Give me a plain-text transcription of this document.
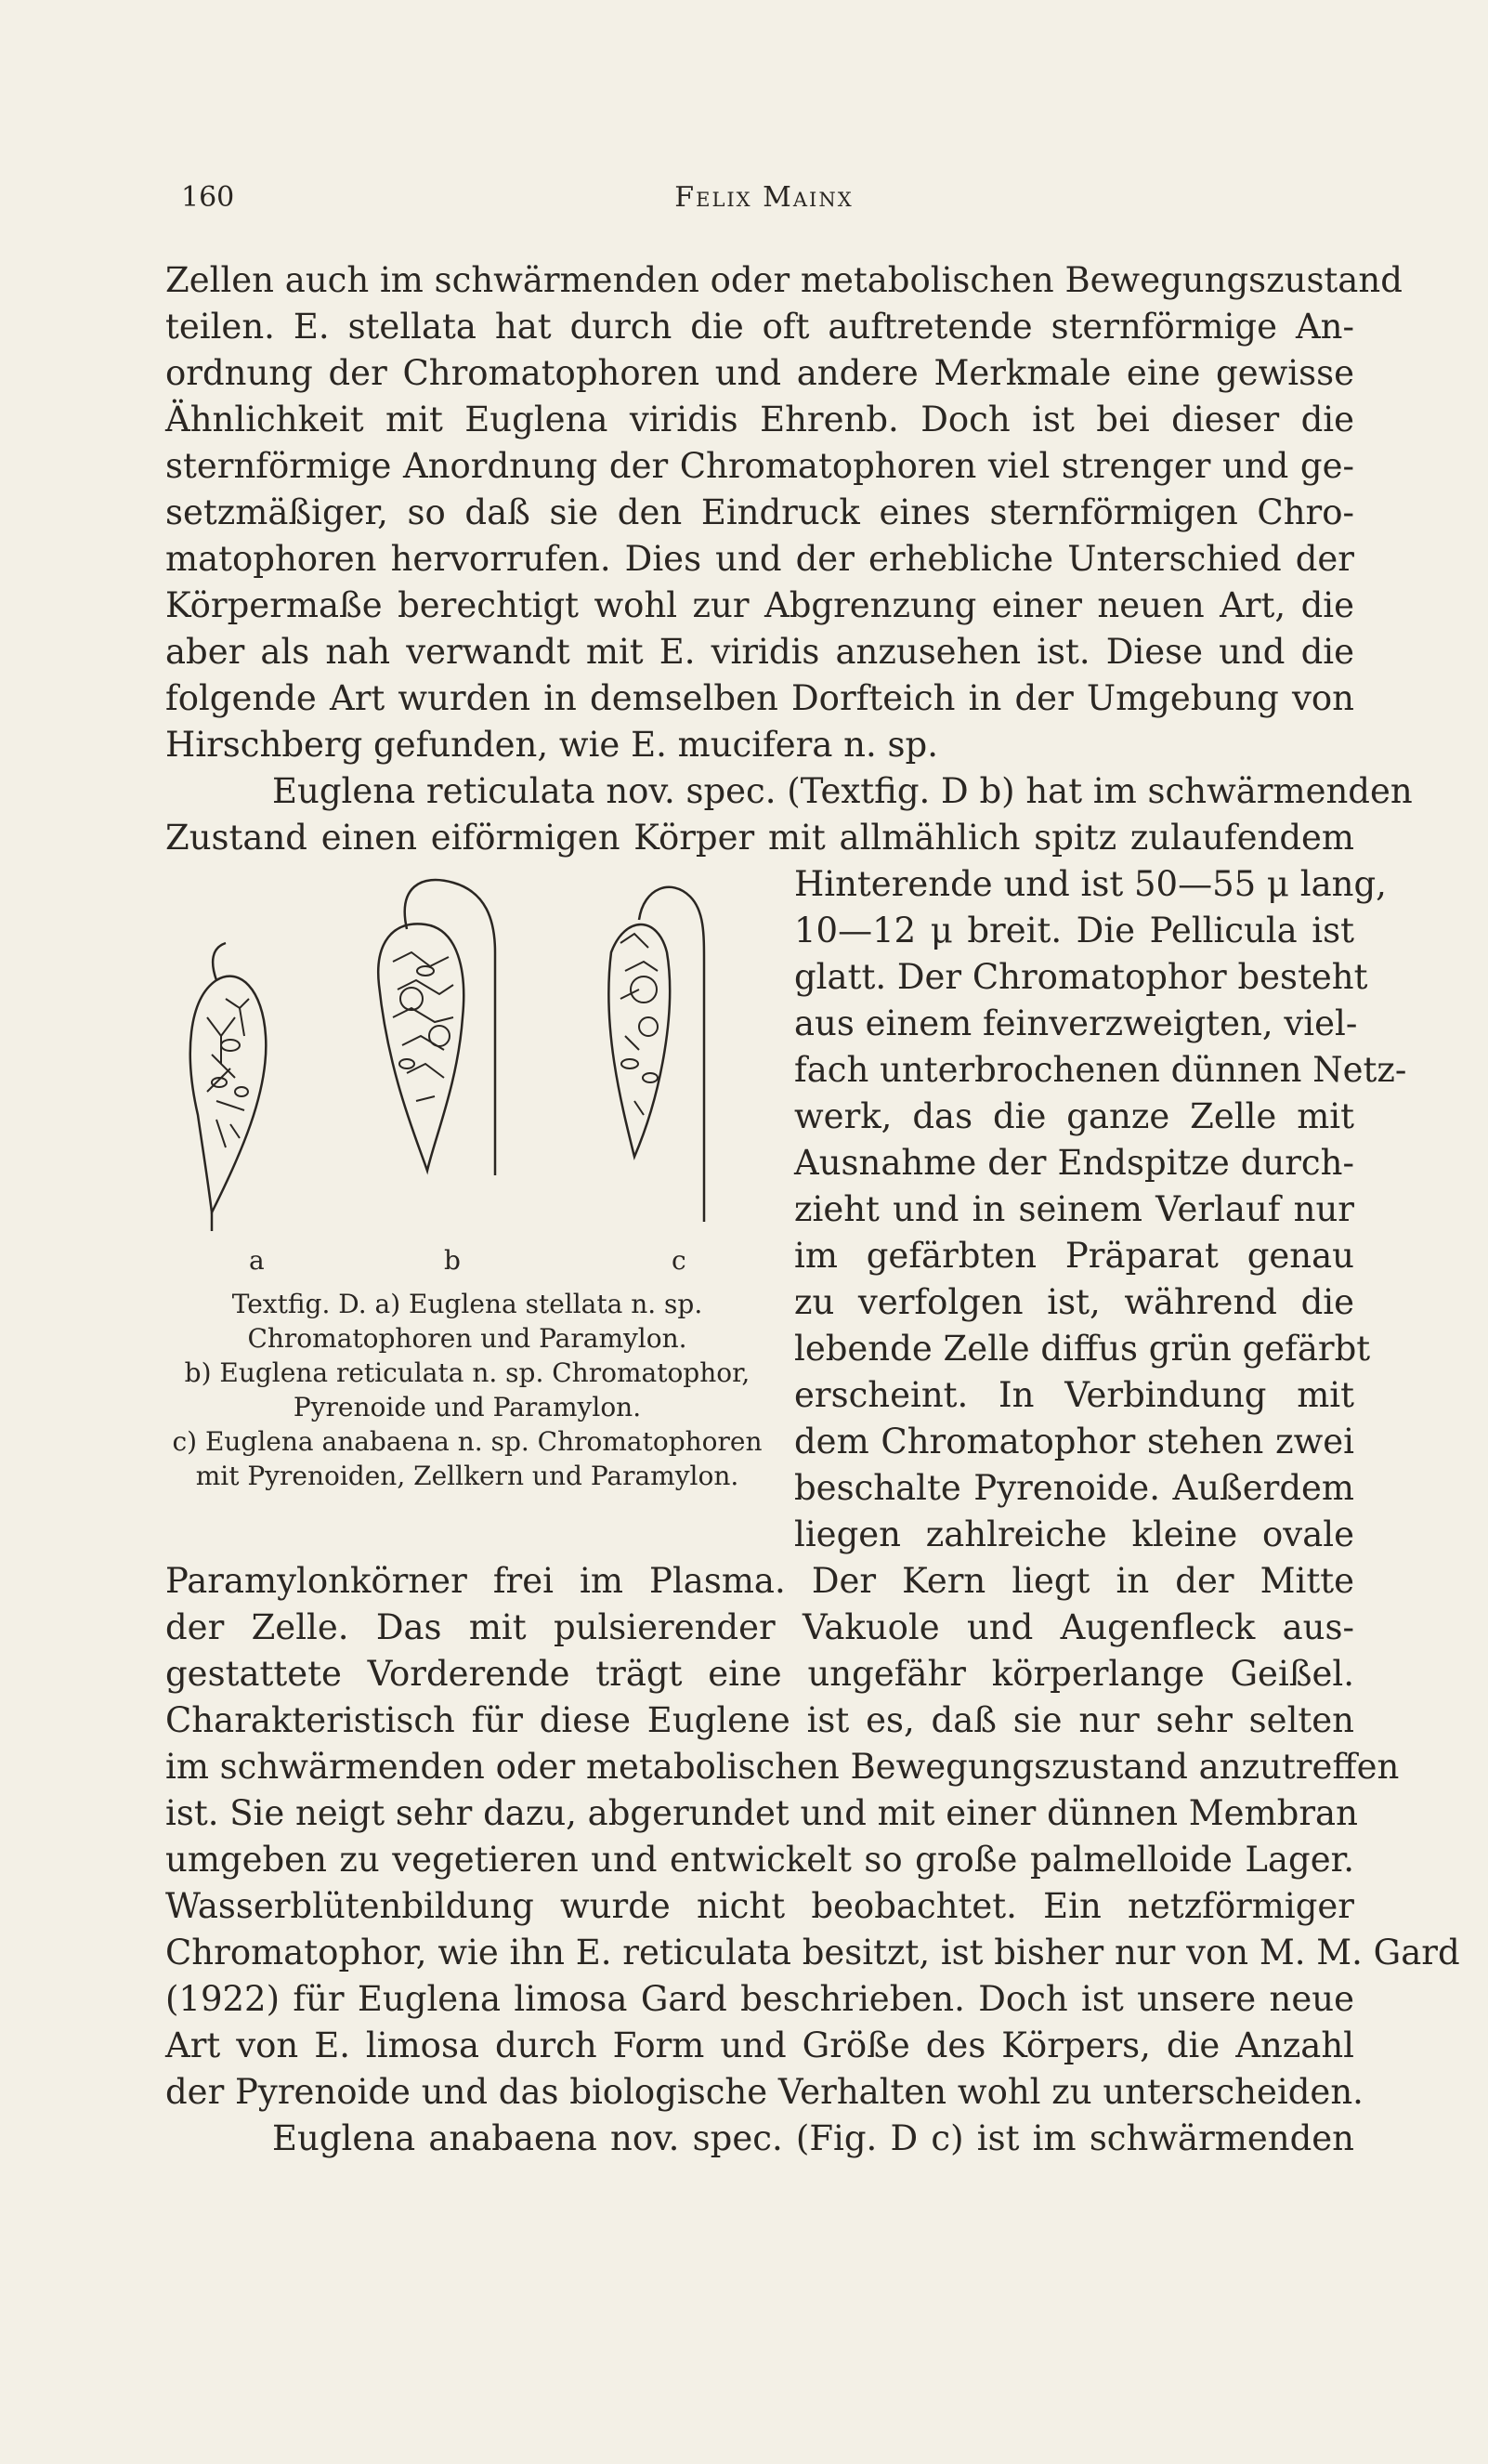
160	Felix Mainx
Zellen auch im schwärmenden oder metabolischen Bewegungszustand
teilen. E. stellata hat durch die oft auftretende sternförmige An-
ordnung der Chromatophoren und andere Merkmale eine gewisse
Ähnlichkeit mit Euglena viridis Ehrenb. Doch ist bei dieser die
sternförmige Anordnung der Chromatophoren viel strenger und ge-
setzmäßiger, so daß sie den Eindruck eines sternförmigen Chro-
matophoren hervorrufen. Dies und der erhebliche Unterschied der
Körpermaße berechtigt wohl zur Abgrenzung einer neuen Art, die
aber als nah verwandt mit E. viridis anzusehen ist. Diese und die
folgende Art wurden in demselben Dorfteich in der Umgebung von
Hirschberg gefunden, wie E. mucifera n. sp.
Euglena reticulata nov. spec. (Textfig. D b) hat im schwärmenden
Zustand einen eiförmigen Körper mit allmählich spitz zulaufendem
Hinterende und ist 50—55 μ lang,
10—12 μ breit. Die Pellicula ist
glatt. Der Chromatophor besteht
aus einem feinverzweigten, viel-
fach unterbrochenen dünnen Netz-
werk, das die ganze Zelle mit
Ausnahme der Endspitze durch-
zieht und in seinem Verlauf nur
im gefärbten Präparat genau
zu verfolgen ist, während die
lebende Zelle diffus grün gefärbt
erscheint. In Verbindung mit
dem Chromatophor stehen zwei
beschalte Pyrenoide. Außerdem
liegen zahlreiche kleine ovale
a	b	c
Textfig. D. a) Euglena stellata n. sp.
Chromatophoren und Paramylon.
b) Euglena reticulata n. sp. Chromatophor,
Pyrenoide und Paramylon.
c) Euglena anabaena n. sp. Chromatophoren
mit Pyrenoiden, Zellkern und Paramylon.
Paramylonkörner frei im Plasma. Der Kern liegt in der Mitte
der Zelle. Das mit pulsierender Vakuole und Augenfleck aus-
gestattete Vorderende trägt eine ungefähr körperlange Geißel.
Charakteristisch für diese Euglene ist es, daß sie nur sehr selten
im schwärmenden oder metabolischen Bewegungszustand anzutreffen
ist. Sie neigt sehr dazu, abgerundet und mit einer dünnen Membran
umgeben zu vegetieren und entwickelt so große palmelloide Lager.
Wasserblütenbildung wurde nicht beobachtet. Ein netzförmiger
Chromatophor, wie ihn E. reticulata besitzt, ist bisher nur von M. M. Gard
(1922) für Euglena limosa Gard beschrieben. Doch ist unsere neue
Art von E. limosa durch Form und Größe des Körpers, die Anzahl
der Pyrenoide und das biologische Verhalten wohl zu unterscheiden.
Euglena anabaena nov. spec. (Fig. D c) ist im schwärmenden
